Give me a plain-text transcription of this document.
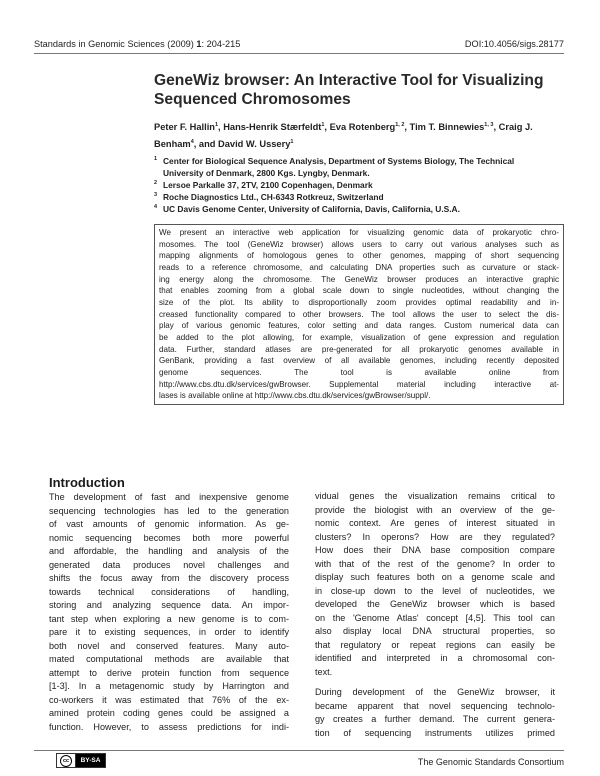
Standards in Genomic Sciences (2009) 1: 204-215	DOI:10.4056/sigs.28177
GeneWiz browser: An Interactive Tool for Visualizing
Sequenced Chromosomes
Peter F. Hallin$^1$, Hans-Henrik Stærfeldt$^1$, Eva Rotenberg$^{1, 2}$, Tim T. Binnewies$^{1, 3}$, Craig J.
Benham$^4$, and David W. Ussery$^1$
1 Center for Biological Sequence Analysis, Department of Systems Biology, The Technical
University of Denmark, 2800 Kgs. Lyngby, Denmark.
2 Lersoe Parkalle 37, 2TV, 2100 Copenhagen, Denmark
3 Roche Diagnostics Ltd., CH-6343 Rotkreuz, Switzerland
4 UC Davis Genome Center, University of California, Davis, California, U.S.A.
We present an interactive web application for visualizing genomic data of prokaryotic chro-
mosomes. The tool (GeneWiz browser) allows users to carry out various analyses such as
mapping alignments of homologous genes to other genomes, mapping of short sequencing
reads to a reference chromosome, and calculating DNA properties such as curvature or stack-
ing energy along the chromosome. The GeneWiz browser produces an interactive graphic
that enables zooming from a global scale down to single nucleotides, without changing the
size of the plot. Its ability to disproportionally zoom provides optimal readability and in-
creased functionality compared to other browsers. The tool allows the user to select the dis-
play of various genomic features, color setting and data ranges. Custom numerical data can
be added to the plot allowing, for example, visualization of gene expression and regulation
data. Further, standard atlases are pre-generated for all prokaryotic genomes available in
GenBank, providing a fast overview of all available genomes, including recently deposited
genome sequences. The tool is available online from
http://www.cbs.dtu.dk/services/gwBrowser. Supplemental material including interactive at-
lases is available online at http://www.cbs.dtu.dk/services/gwBrowser/suppl/.
Introduction
The development of fast and inexpensive genome
sequencing technologies has led to the generation
of vast amounts of genomic information. As ge-
nomic sequencing becomes both more powerful
and affordable, the handling and analysis of the
generated data produces novel challenges and
shifts the focus away from the discovery process
towards technical considerations of handling,
storing and analyzing sequence data. An impor-
tant step when exploring a new genome is to com-
pare it to existing sequences, in order to identify
both novel and conserved features. Many auto-
mated computational methods are available that
attempt to derive protein function from sequence
[1-3]. In a metagenomic study by Harrington and
co-workers it was estimated that 76% of the ex-
amined protein coding genes could be assigned a
function. However, to assess predictions for indi-
vidual genes the visualization remains critical to
provide the biologist with an overview of the ge-
nomic context. Are genes of interest situated in
clusters? In operons? How are they regulated?
How does their DNA base composition compare
with that of the rest of the genome? In order to
display such features both on a genome scale and
in close-up down to the level of nucleotides, we
developed the GeneWiz browser which is based
on the 'Genome Atlas' concept [4,5]. This tool can
also display local DNA structural properties, so
that regulatory or repeat regions can easily be
identified and interpreted in a chromosomal con-
text.
During development of the GeneWiz browser, it
became apparent that novel sequencing technolo-
gy creates a further demand. The current genera-
tion of sequencing instruments utilizes primed
cc	BY-SA	The Genomic Standards Consortium
